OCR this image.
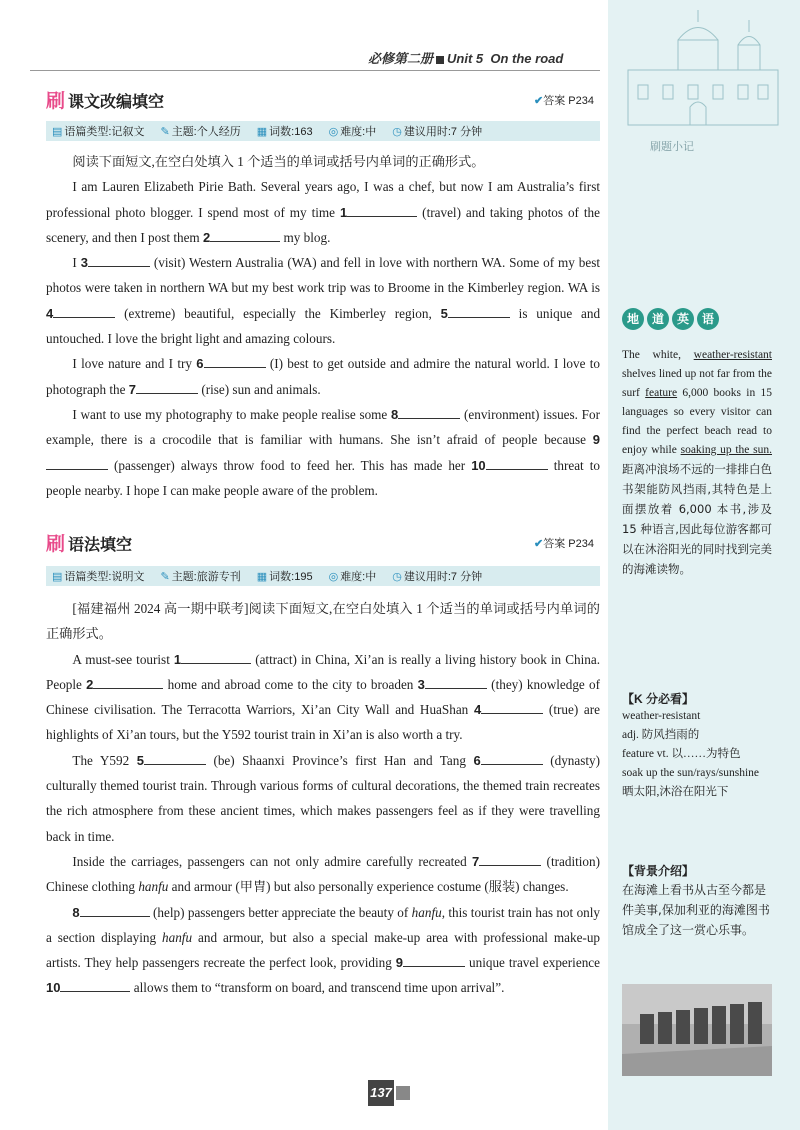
必修第二册 Unit 5 On the road
刷 课文改编填空	✔答案 P234
▤ 语篇类型:记叙文 ✎ 主题:个人经历 ▦ 词数:163 ◎ 难度:中 ◷ 建议用时:7 分钟

阅读下面短文,在空白处填入 1 个适当的单词或括号内单词的正确形式。

I am Lauren Elizabeth Pirie Bath. Several years ago, I was a chef, but now I am Australia’s first professional photo blogger. I spend most of my time 1	(travel) and taking photos of the scenery, and then I post them 2	my blog.

I 3	(visit) Western Australia (WA) and fell in love with northern WA. Some of my best photos were taken in northern WA but my best work trip was to Broome in the Kimberley region. WA is 4	(extreme) beautiful, especially the Kimberley region, 5	is unique and untouched. I love the bright light and amazing colours.

I love nature and I try 6	(I) best to get outside and admire the natural world. I love to photograph the 7	(rise) sun and animals.

I want to use my photography to make people realise some 8	(environment) issues. For example, there is a crocodile that is familiar with humans. She isn’t afraid of people because 9 (passenger) always throw food to feed her. This has made her 10	threat to people nearby. I hope I can make people aware of the problem.

刷 语法填空	✔答案 P234
▤ 语篇类型:说明文 ✎ 主题:旅游专刊 ▦ 词数:195 ◎ 难度:中 ◷ 建议用时:7 分钟

[福建福州 2024 高一期中联考]阅读下面短文,在空白处填入 1 个适当的单词或括号内单词的正确形式。

A must-see tourist 1	(attract) in China, Xi’an is really a living history book in China. People 2	home and abroad come to the city to broaden 3	(they) knowledge of Chinese civilisation. The Terracotta Warriors, Xi’an City Wall and HuaShan 4	(true) are highlights of Xi’an tours, but the Y592 tourist train in Xi’an is also worth a try.

The Y592 5	(be) Shaanxi Province’s first Han and Tang 6	(dynasty) culturally themed tourist train. Through various forms of cultural decorations, the themed train recreates the rich atmosphere from these ancient times, which makes passengers feel as if they were travelling back in time.

Inside the carriages, passengers can not only admire carefully recreated 7	(tradition) Chinese clothing hanfu and armour (甲胄) but also personally experience costume (服装) changes.

8	(help) passengers better appreciate the beauty of hanfu, this tourist train has not only a section displaying hanfu and armour, but also a special make-up area with professional make-up artists. They help passengers recreate the perfect look, providing 9	unique travel experience 10	allows them to “transform on board, and transcend time upon arrival”.

137
刷题小记
地	道	英	语
The white, weather-resistant shelves lined up not far from the surf feature 6,000 books in 15 languages so every visitor can find the perfect beach read to enjoy while soaking up the sun.距离冲浪场不远的一排排白色书架能防风挡雨,其特色是上面摆放着 6,000 本书,涉及 15 种语言,因此每位游客都可以在沐浴阳光的同时找到完美的海滩读物。
【K 分必看】
weather-resistant
adj. 防风挡雨的
feature vt. 以……为特色
soak up the sun/rays/sunshine 晒太阳,沐浴在阳光下
【背景介绍】
在海滩上看书从古至今都是件美事,保加利亚的海滩图书馆成全了这一赏心乐事。
